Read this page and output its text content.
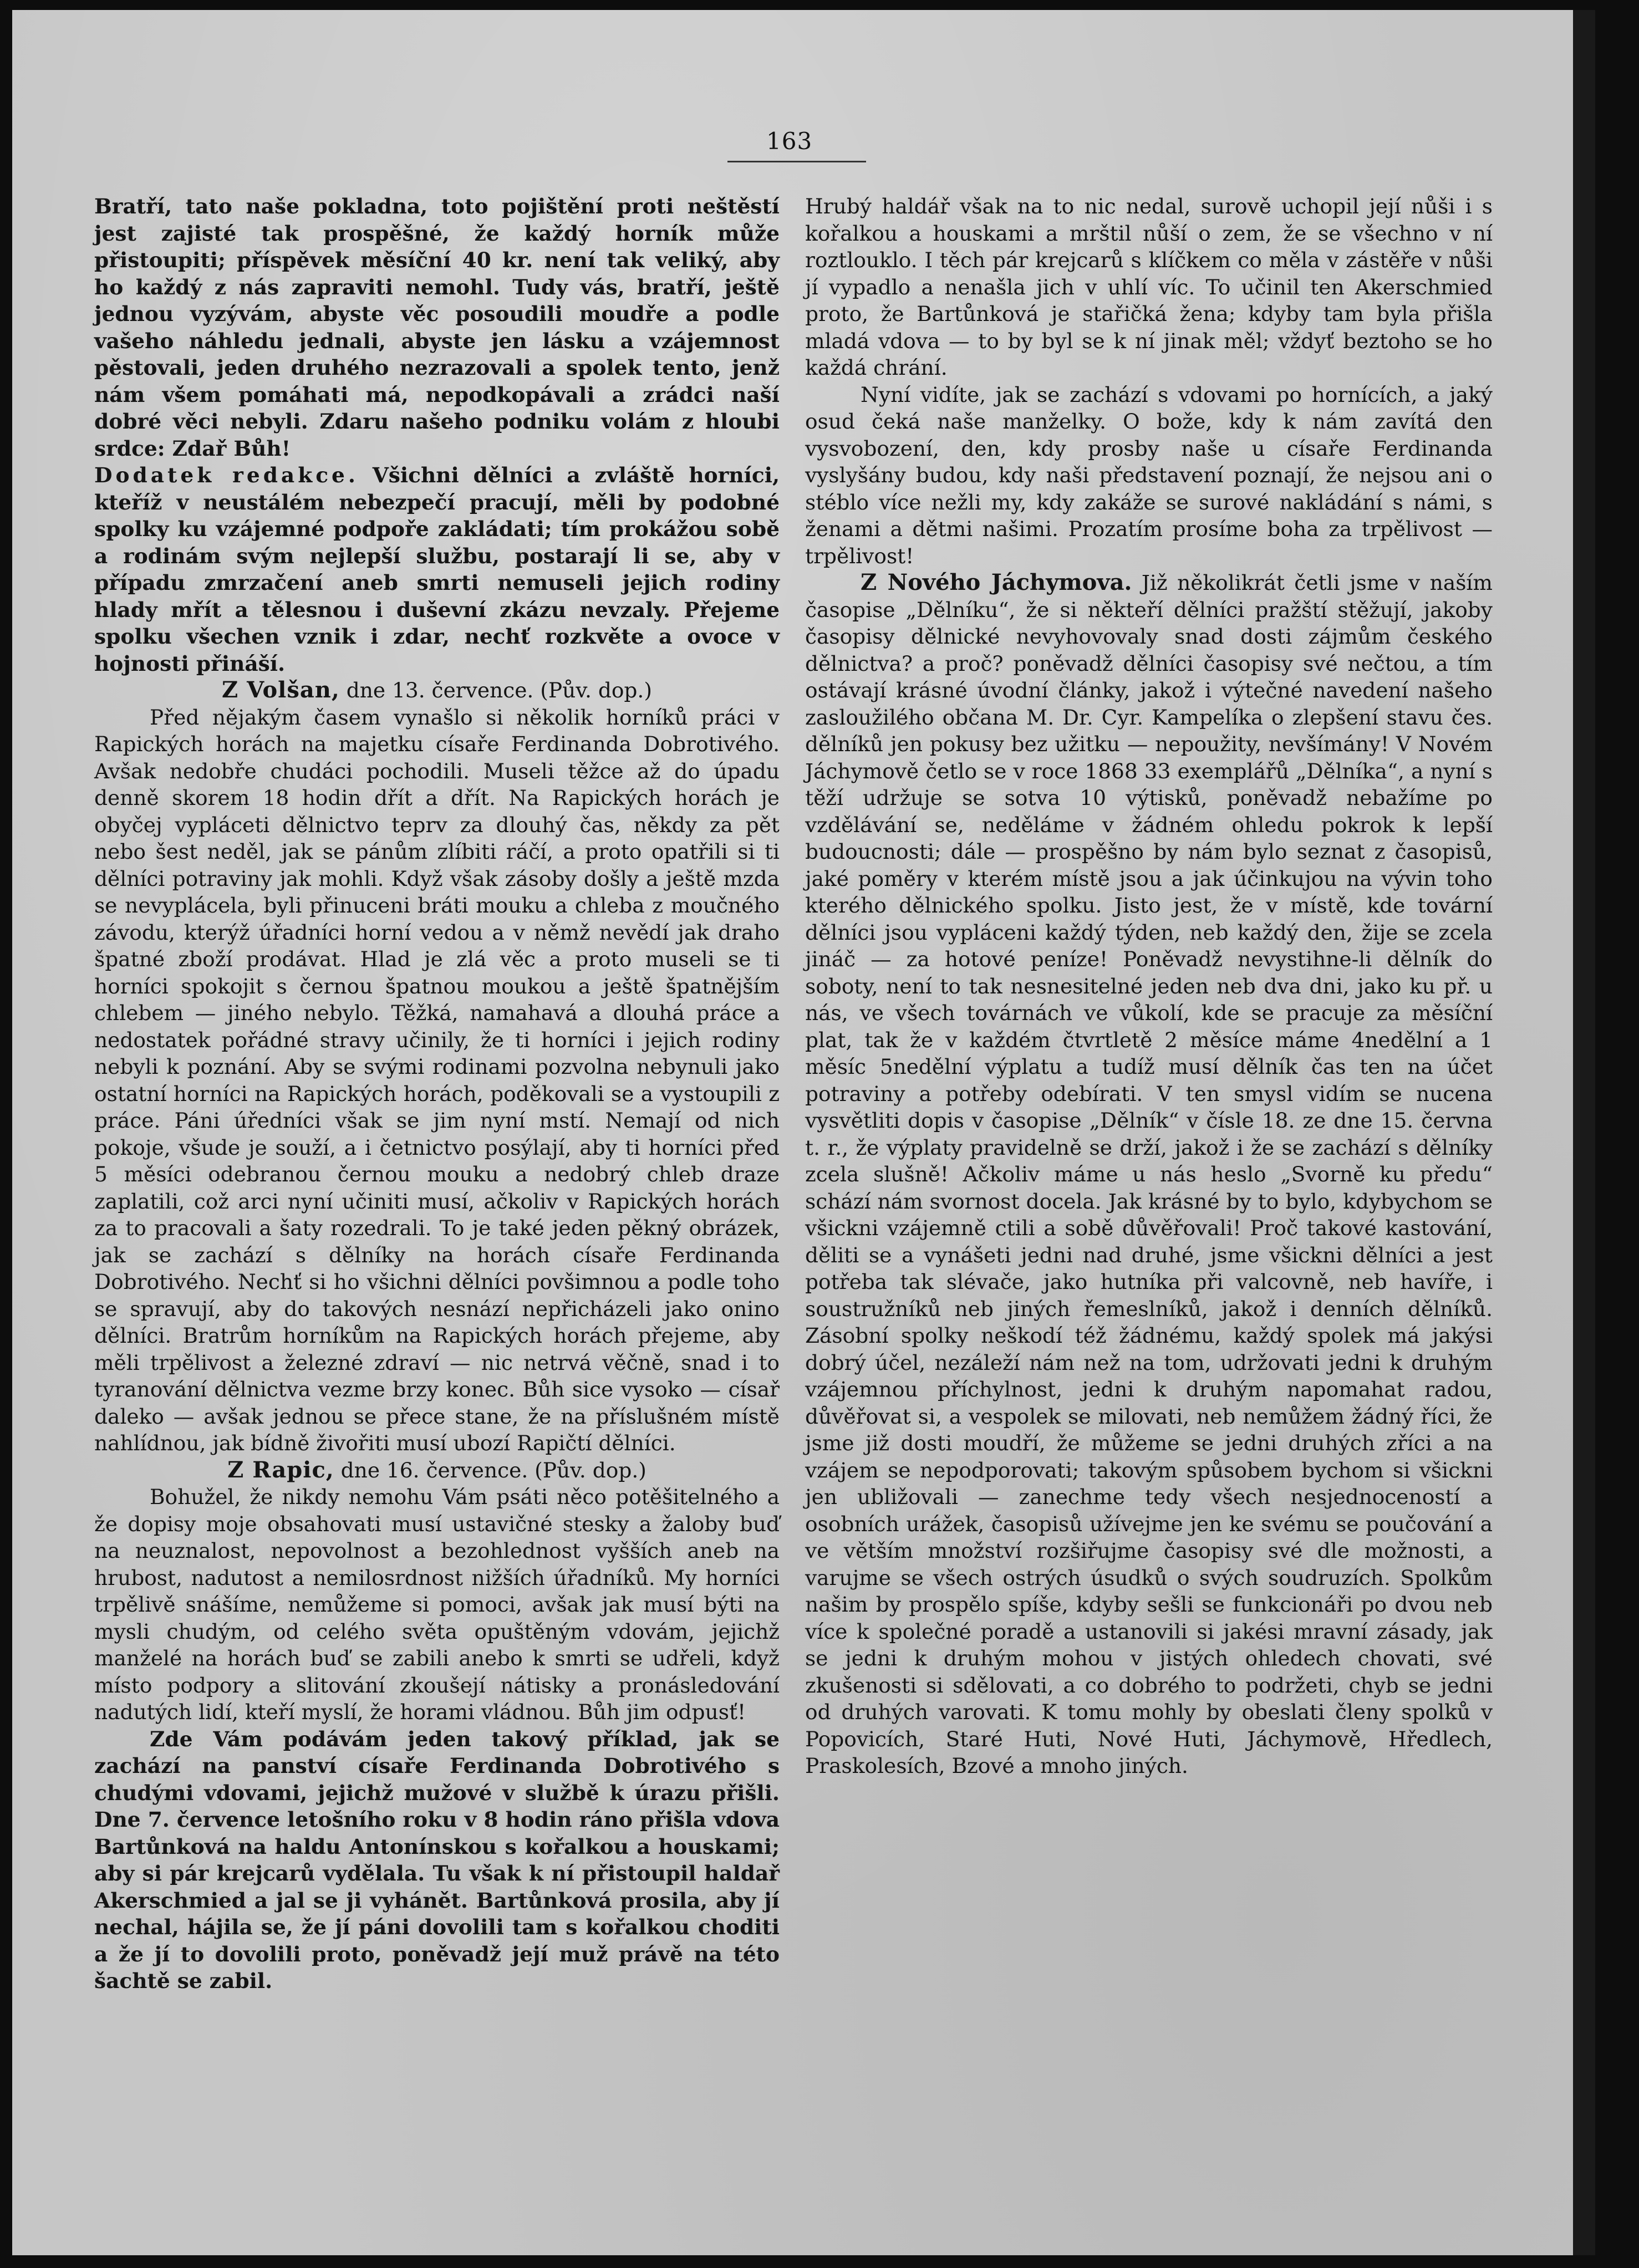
163

Bratří, tato naše pokladna, toto pojištění proti neštěstí jest zajisté tak prospěšné, že každý horník může přistoupiti; příspěvek měsíční 40 kr. není tak veliký, aby ho každý z nás zapraviti nemohl. Tudy vás, bratří, ještě jednou vyzývám, abyste věc posoudili moudře a podle vašeho náhledu jednali, abyste jen lásku a vzájemnost pěstovali, jeden druhého nezrazovali a spolek tento, jenž nám všem pomáhati má, nepodkopávali a zrádci naší dobré věci nebyli. Zdaru našeho podniku volám z hloubi srdce: Zdař Bůh!

Dodatek redakce. Všichni dělníci a zvláště horníci, kteříž v neustálém nebezpečí pracují, měli by podobné spolky ku vzájemné podpoře zakládati; tím prokážou sobě a rodinám svým nejlepší službu, postarají li se, aby v případu zmrzačení aneb smrti nemuseli jejich rodiny hlady mřít a tělesnou i duševní zkázu nevzaly. Přejeme spolku všechen vznik i zdar, nechť rozkvěte a ovoce v hojnosti přináší.

Z Volšan, dne 13. července. (Pův. dop.)

Před nějakým časem vynašlo si několik horníků práci v Rapických horách na majetku císaře Ferdinanda Dobrotivého. Avšak nedobře chudáci pochodili. Museli těžce až do úpadu denně skorem 18 hodin dřít a dřít. Na Rapických horách je obyčej vypláceti dělnictvo teprv za dlouhý čas, někdy za pět nebo šest neděl, jak se pánům zlíbiti ráčí, a proto opatřili si ti dělníci potraviny jak mohli. Když však zásoby došly a ještě mzda se nevyplácela, byli přinuceni bráti mouku a chleba z moučného závodu, kterýž úřadníci horní vedou a v němž nevědí jak draho špatné zboží prodávat. Hlad je zlá věc a proto museli se ti horníci spokojit s černou špatnou moukou a ještě špatnějším chlebem — jiného nebylo. Těžká, namahavá a dlouhá práce a nedostatek pořádné stravy učinily, že ti horníci i jejich rodiny nebyli k poznání. Aby se svými rodinami pozvolna nebynuli jako ostatní horníci na Rapických horách, poděkovali se a vystoupili z práce. Páni úředníci však se jim nyní mstí. Nemají od nich pokoje, všude je souží, a i četnictvo posýlají, aby ti horníci před 5 měsíci odebranou černou mouku a nedobrý chleb draze zaplatili, což arci nyní učiniti musí, ačkoliv v Rapických horách za to pracovali a šaty rozedrali. To je také jeden pěkný obrázek, jak se zachází s dělníky na horách císaře Ferdinanda Dobrotivého. Nechť si ho všichni dělníci povšimnou a podle toho se spravují, aby do takových nesnází nepřicházeli jako onino dělníci. Bratrům horníkům na Rapických horách přejeme, aby měli trpělivost a železné zdraví — nic netrvá věčně, snad i to tyranování dělnictva vezme brzy konec. Bůh sice vysoko — císař daleko — avšak jednou se přece stane, že na příslušném místě nahlídnou, jak bídně živořiti musí ubozí Rapičtí dělníci.

Z Rapic, dne 16. července. (Pův. dop.)

Bohužel, že nikdy nemohu Vám psáti něco potěšitelného a že dopisy moje obsahovati musí ustavičné stesky a žaloby buď na neuznalost, nepovolnost a bezohlednost vyšších aneb na hrubost, nadutost a nemilosrdnost nižších úřadníků. My horníci trpělivě snášíme, nemůžeme si pomoci, avšak jak musí býti na mysli chudým, od celého světa opuštěným vdovám, jejichž manželé na horách buď se zabili anebo k smrti se udřeli, když místo podpory a slitování zkoušejí nátisky a pronásledování nadutých lidí, kteří myslí, že horami vládnou. Bůh jim odpusť!

Zde Vám podávám jeden takový příklad, jak se zachází na panství císaře Ferdinanda Dobrotivého s chudými vdovami, jejichž mužové v službě k úrazu přišli. Dne 7. července letošního roku v 8 hodin ráno přišla vdova Bartůnková na haldu Antonínskou s kořalkou a houskami; aby si pár krejcarů vydělala. Tu však k ní přistoupil haldař Akerschmied a jal se ji vyhánět. Bartůnková prosila, aby jí nechal, hájila se, že jí páni dovolili tam s kořalkou choditi a že jí to dovolili proto, poněvadž její muž právě na této šachtě se zabil.

Hrubý haldář však na to nic nedal, surově uchopil její nůši i s kořalkou a houskami a mrštil nůší o zem, že se všechno v ní roztlouklo. I těch pár krejcarů s klíčkem co měla v zástěře v nůši jí vypadlo a nenašla jich v uhlí víc. To učinil ten Akerschmied proto, že Bartůnková je stařičká žena; kdyby tam byla přišla mladá vdova — to by byl se k ní jinak měl; vždyť beztoho se ho každá chrání.

Nyní vidíte, jak se zachází s vdovami po hornících, a jaký osud čeká naše manželky. O bože, kdy k nám zavítá den vysvobození, den, kdy prosby naše u císaře Ferdinanda vyslyšány budou, kdy naši představení poznají, že nejsou ani o stéblo více nežli my, kdy zakáže se surové nakládání s námi, s ženami a dětmi našimi. Prozatím prosíme boha za trpělivost — trpělivost!

Z Nového Jáchymova. Již několikrát četli jsme v naším časopise „Dělníku“, že si někteří dělníci pražští stěžují, jakoby časopisy dělnické nevyhovovaly snad dosti zájmům českého dělnictva? a proč? poněvadž dělníci časopisy své nečtou, a tím ostávají krásné úvodní články, jakož i výtečné navedení našeho zasloužilého občana M. Dr. Cyr. Kampelíka o zlepšení stavu čes. dělníků jen pokusy bez užitku — nepoužity, nevšímány! V Novém Jáchymově četlo se v roce 1868 33 exemplářů „Dělníka“, a nyní s těží udržuje se sotva 10 výtisků, poněvadž nebažíme po vzdělávání se, neděláme v žádném ohledu pokrok k lepší budoucnosti; dále — prospěšno by nám bylo seznat z časopisů, jaké poměry v kterém místě jsou a jak účinkujou na vývin toho kterého dělnického spolku. Jisto jest, že v místě, kde tovární dělníci jsou vypláceni každý týden, neb každý den, žije se zcela jináč — za hotové peníze! Poněvadž nevystihne-li dělník do soboty, není to tak nesnesitelné jeden neb dva dni, jako ku př. u nás, ve všech továrnách ve vůkolí, kde se pracuje za měsíční plat, tak že v každém čtvrtletě 2 měsíce máme 4nedělní a 1 měsíc 5nedělní výplatu a tudíž musí dělník čas ten na účet potraviny a potřeby odebírati. V ten smysl vidím se nucena vysvětliti dopis v časopise „Dělník“ v čísle 18. ze dne 15. června t. r., že výplaty pravidelně se drží, jakož i že se zachází s dělníky zcela slušně! Ačkoliv máme u nás heslo „Svorně ku předu“ schází nám svornost docela. Jak krásné by to bylo, kdybychom se všickni vzájemně ctili a sobě důvěřovali! Proč takové kastování, děliti se a vynášeti jedni nad druhé, jsme všickni dělníci a jest potřeba tak slévače, jako hutníka při valcovně, neb havíře, i soustružníků neb jiných řemeslníků, jakož i denních dělníků. Zásobní spolky neškodí též žádnému, každý spolek má jakýsi dobrý účel, nezáleží nám než na tom, udržovati jedni k druhým vzájemnou příchylnost, jedni k druhým napomahat radou, důvěřovat si, a vespolek se milovati, neb nemůžem žádný říci, že jsme již dosti moudří, že můžeme se jedni druhých zříci a na vzájem se nepodporovati; takovým spůsobem bychom si všickni jen ubližovali — zanechme tedy všech nesjednoceností a osobních urážek, časopisů užívejme jen ke svému se poučování a ve větším množství rozšiřujme časopisy své dle možnosti, a varujme se všech ostrých úsudků o svých soudruzích. Spolkům našim by prospělo spíše, kdyby sešli se funkcionáři po dvou neb více k společné poradě a ustanovili si jakési mravní zásady, jak se jedni k druhým mohou v jistých ohledech chovati, své zkušenosti si sdělovati, a co dobrého to podržeti, chyb se jedni od druhých varovati. K tomu mohly by obeslati členy spolků v Popovicích, Staré Huti, Nové Huti, Jáchymově, Hředlech, Praskolesích, Bzové a mnoho jiných.
